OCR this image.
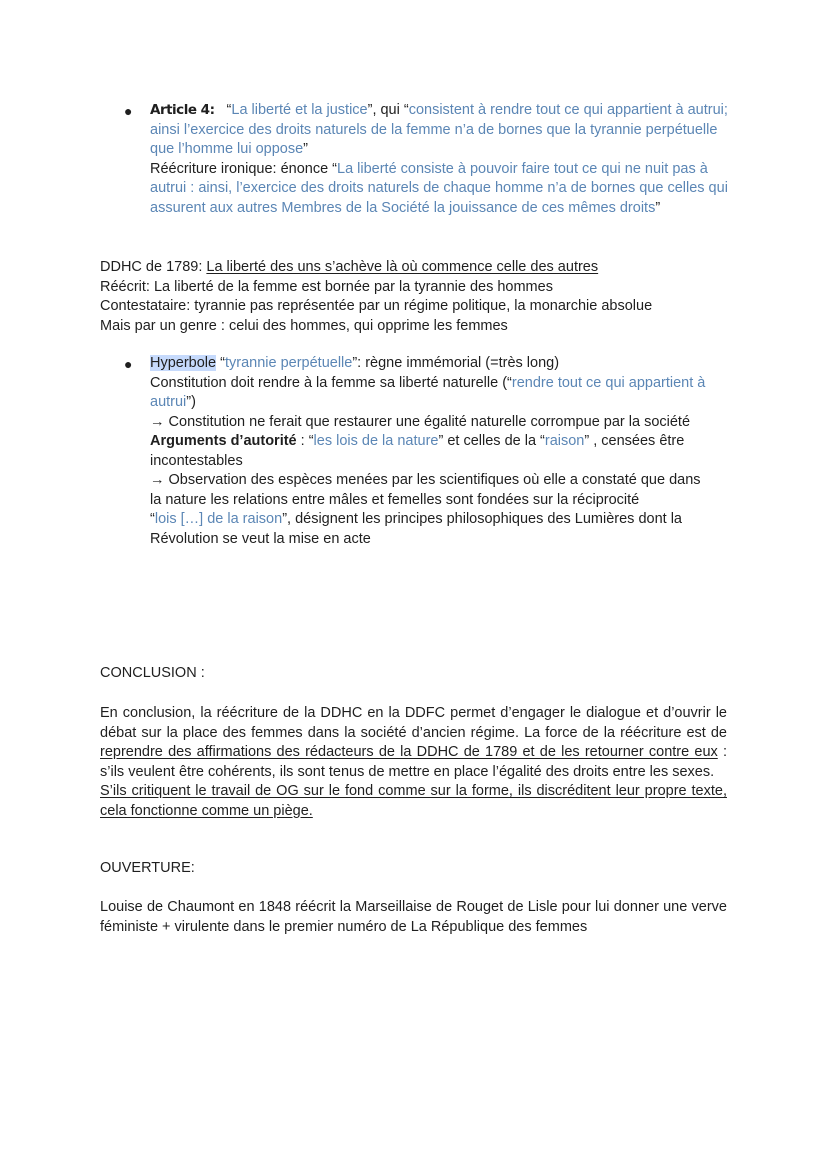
● Article 4:   “La liberté et la justice”, qui “consistent à rendre tout ce qui appartient à autrui; ainsi l’exercice des droits naturels de la femme n’a de bornes que la tyrannie perpétuelle que l’homme lui oppose”
Réécriture ironique: énonce “La liberté consiste à pouvoir faire tout ce qui ne nuit pas à autrui : ainsi, l’exercice des droits naturels de chaque homme n’a de bornes que celles qui assurent aux autres Membres de la Société la jouissance de ces mêmes droits”
DDHC de 1789: La liberté des uns s’achève là où commence celle des autres
Réécrit: La liberté de la femme est bornée par la tyrannie des hommes
Contestataire: tyrannie pas représentée par un régime politique, la monarchie absolue
Mais par un genre : celui des hommes, qui opprime les femmes
● Hyperbole “tyrannie perpétuelle”: règne immémorial (=très long)
Constitution doit rendre à la femme sa liberté naturelle (“rendre tout ce qui appartient à autrui”)
→ Constitution ne ferait que restaurer une égalité naturelle corrompue par la société
Arguments d’autorité : “les lois de la nature” et celles de la “raison” , censées être incontestables
→ Observation des espèces menées par les scientifiques où elle a constaté que dans la nature les relations entre mâles et femelles sont fondées sur la réciprocité
“lois […] de la raison”, désignent les principes philosophiques des Lumières dont la Révolution se veut la mise en acte
CONCLUSION :
En conclusion, la réécriture de la DDHC en la DDFC permet d’engager le dialogue et d’ouvrir le débat sur la place des femmes dans la société d’ancien régime. La force de la réécriture est de reprendre des affirmations des rédacteurs de la DDHC de 1789 et de les retourner contre eux : s’ils veulent être cohérents, ils sont tenus de mettre en place l’égalité des droits entre les sexes.
S’ils critiquent le travail de OG sur le fond comme sur la forme, ils discréditent leur propre texte, cela fonctionne comme un piège.
OUVERTURE:
Louise de Chaumont en 1848 réécrit la Marseillaise de Rouget de Lisle pour lui donner une verve féministe + virulente dans le premier numéro de La République des femmes
